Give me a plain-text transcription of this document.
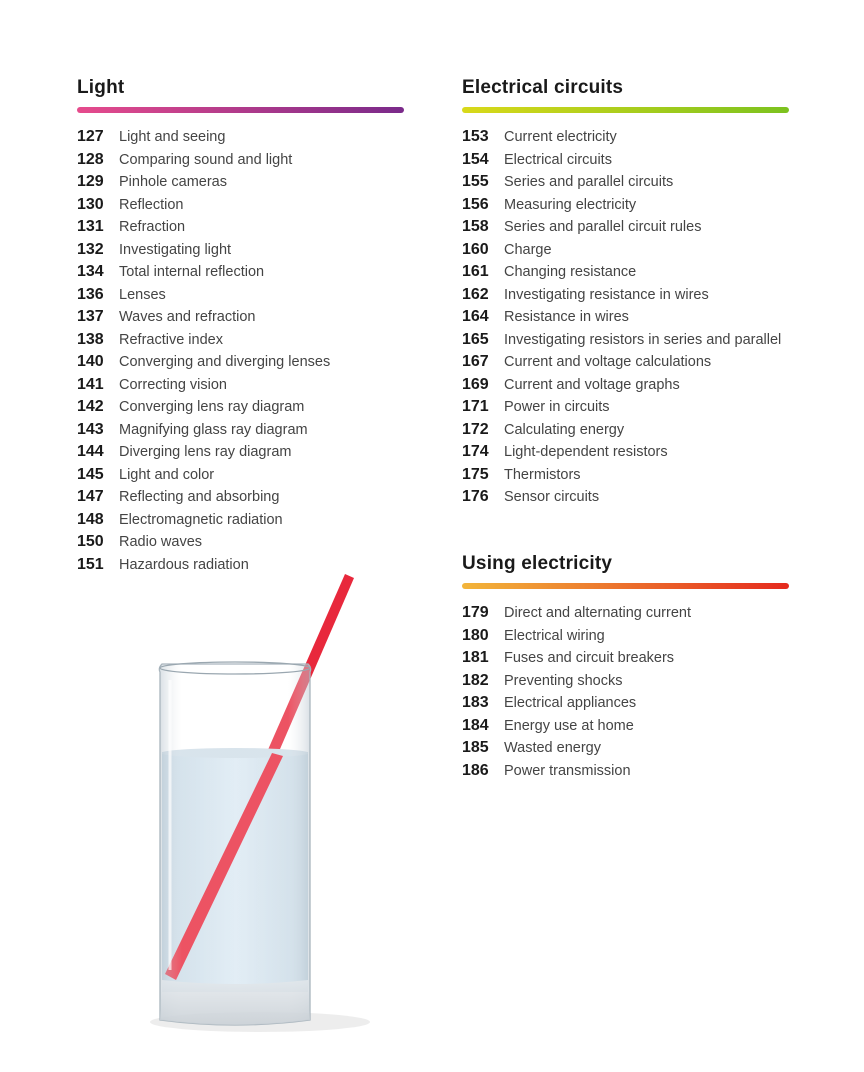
Light
127	Light and seeing
128	Comparing sound and light
129	Pinhole cameras
130	Reflection
131	Refraction
132	Investigating light
134	Total internal reflection
136	Lenses
137	Waves and refraction
138	Refractive index
140	Converging and diverging lenses
141	Correcting vision
142	Converging lens ray diagram
143	Magnifying glass ray diagram
144	Diverging lens ray diagram
145	Light and color
147	Reflecting and absorbing
148	Electromagnetic radiation
150	Radio waves
151	Hazardous radiation
Electrical circuits
153	Current electricity
154	Electrical circuits
155	Series and parallel circuits
156	Measuring electricity
158	Series and parallel circuit rules
160	Charge
161	Changing resistance
162	Investigating resistance in wires
164	Resistance in wires
165	Investigating resistors in series and parallel
167	Current and voltage calculations
169	Current and voltage graphs
171	Power in circuits
172	Calculating energy
174	Light-dependent resistors
175	Thermistors
176	Sensor circuits
Using electricity
179	Direct and alternating current
180	Electrical wiring
181	Fuses and circuit breakers
182	Preventing shocks
183	Electrical appliances
184	Energy use at home
185	Wasted energy
186	Power transmission
